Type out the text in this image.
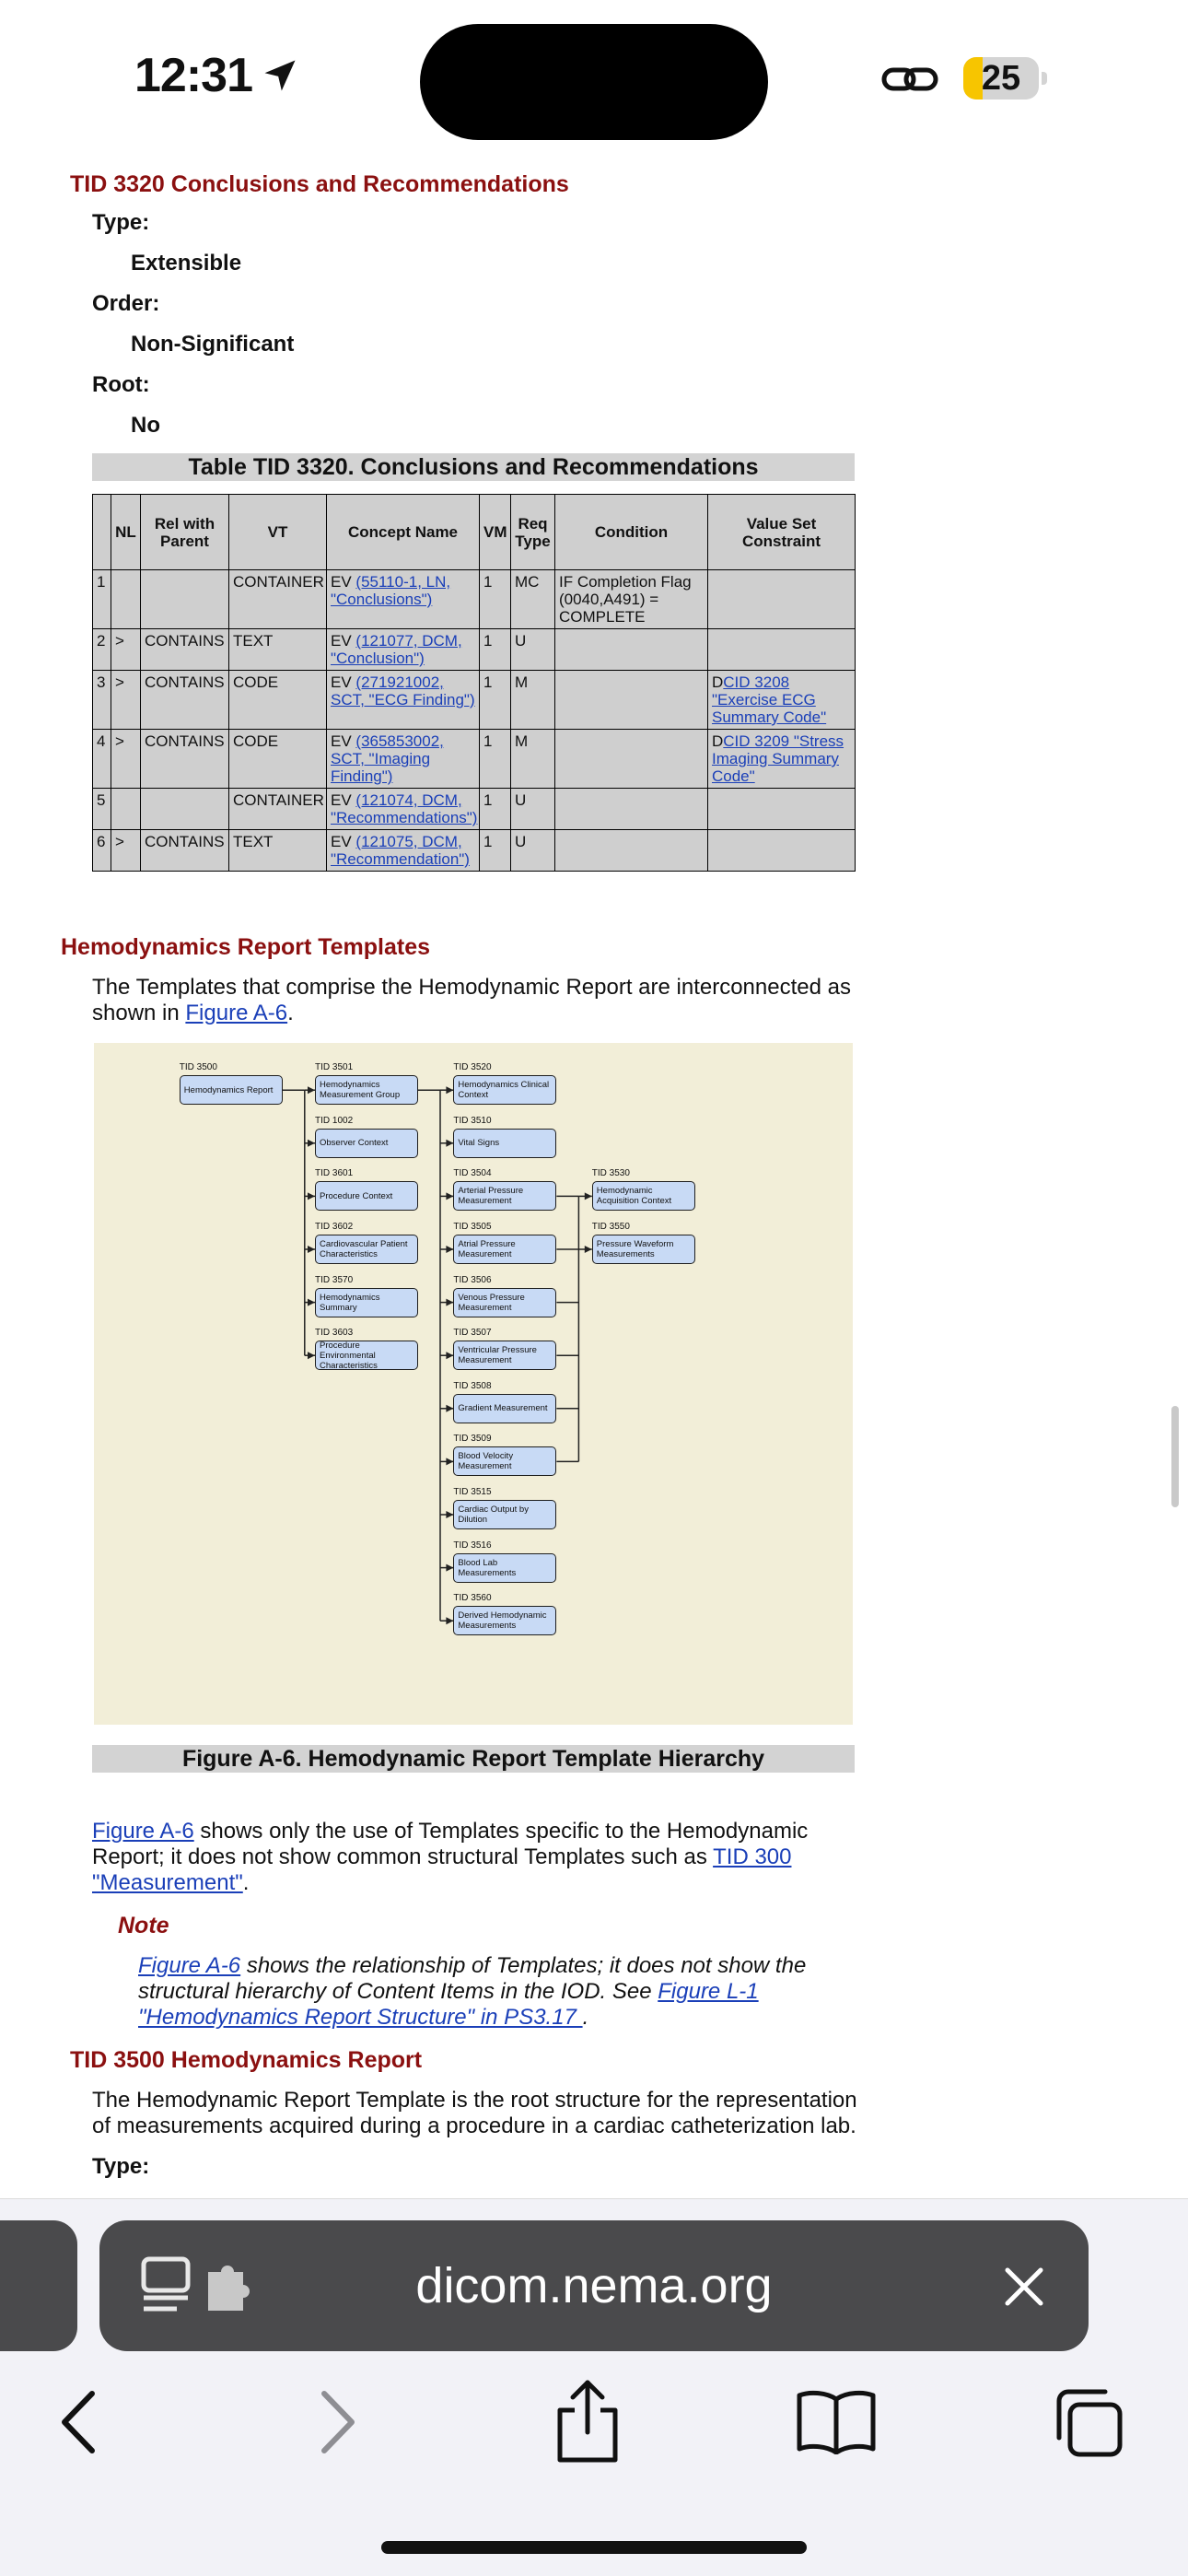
12:31	25
TID 3320 Conclusions and Recommendations
Type:
Extensible
Order:
Non-Significant
Root:
No
Table TID 3320. Conclusions and Recommendations
	NL	Rel with Parent	VT	Concept Name	VM	Req Type	Condition	Value Set Constraint
1			CONTAINER	EV (55110-1, LN, "Conclusions")	1	MC	IF Completion Flag (0040,A491) = COMPLETE	
2	>	CONTAINS	TEXT	EV (121077, DCM, "Conclusion")	1	U		
3	>	CONTAINS	CODE	EV (271921002, SCT, "ECG Finding")	1	M		DCID 3208 "Exercise ECG Summary Code"
4	>	CONTAINS	CODE	EV (365853002, SCT, "Imaging Finding")	1	M		DCID 3209 "Stress Imaging Summary Code"
5			CONTAINER	EV (121074, DCM, "Recommendations")	1	U		
6	>	CONTAINS	TEXT	EV (121075, DCM, "Recommendation")	1	U		
Hemodynamics Report Templates
The Templates that comprise the Hemodynamic Report are interconnected as shown in Figure A-6.
TID 3500
Hemodynamics Report
TID 3501
Hemodynamics Measurement Group
TID 1002
Observer Context
TID 3601
Procedure Context
TID 3602
Cardiovascular Patient Characteristics
TID 3570
Hemodynamics Summary
TID 3603
Procedure Environmental Characteristics
TID 3520
Hemodynamics Clinical Context
TID 3510
Vital Signs
TID 3504
Arterial Pressure Measurement
TID 3505
Atrial Pressure Measurement
TID 3506
Venous Pressure Measurement
TID 3507
Ventricular Pressure Measurement
TID 3508
Gradient Measurement
TID 3509
Blood Velocity Measurement
TID 3515
Cardiac Output by Dilution
TID 3516
Blood Lab Measurements
TID 3560
Derived Hemodynamic Measurements
TID 3530
Hemodynamic Acquisition Context
TID 3550
Pressure Waveform Measurements
Figure A-6. Hemodynamic Report Template Hierarchy
Figure A-6 shows only the use of Templates specific to the Hemodynamic Report; it does not show common structural Templates such as TID 300 "Measurement".
Note
Figure A-6 shows the relationship of Templates; it does not show the structural hierarchy of Content Items in the IOD. See Figure L-1 "Hemodynamics Report Structure" in PS3.17 .
TID 3500 Hemodynamics Report
The Hemodynamic Report Template is the root structure for the representation of measurements acquired during a procedure in a cardiac catheterization lab.
Type:
dicom.nema.org
